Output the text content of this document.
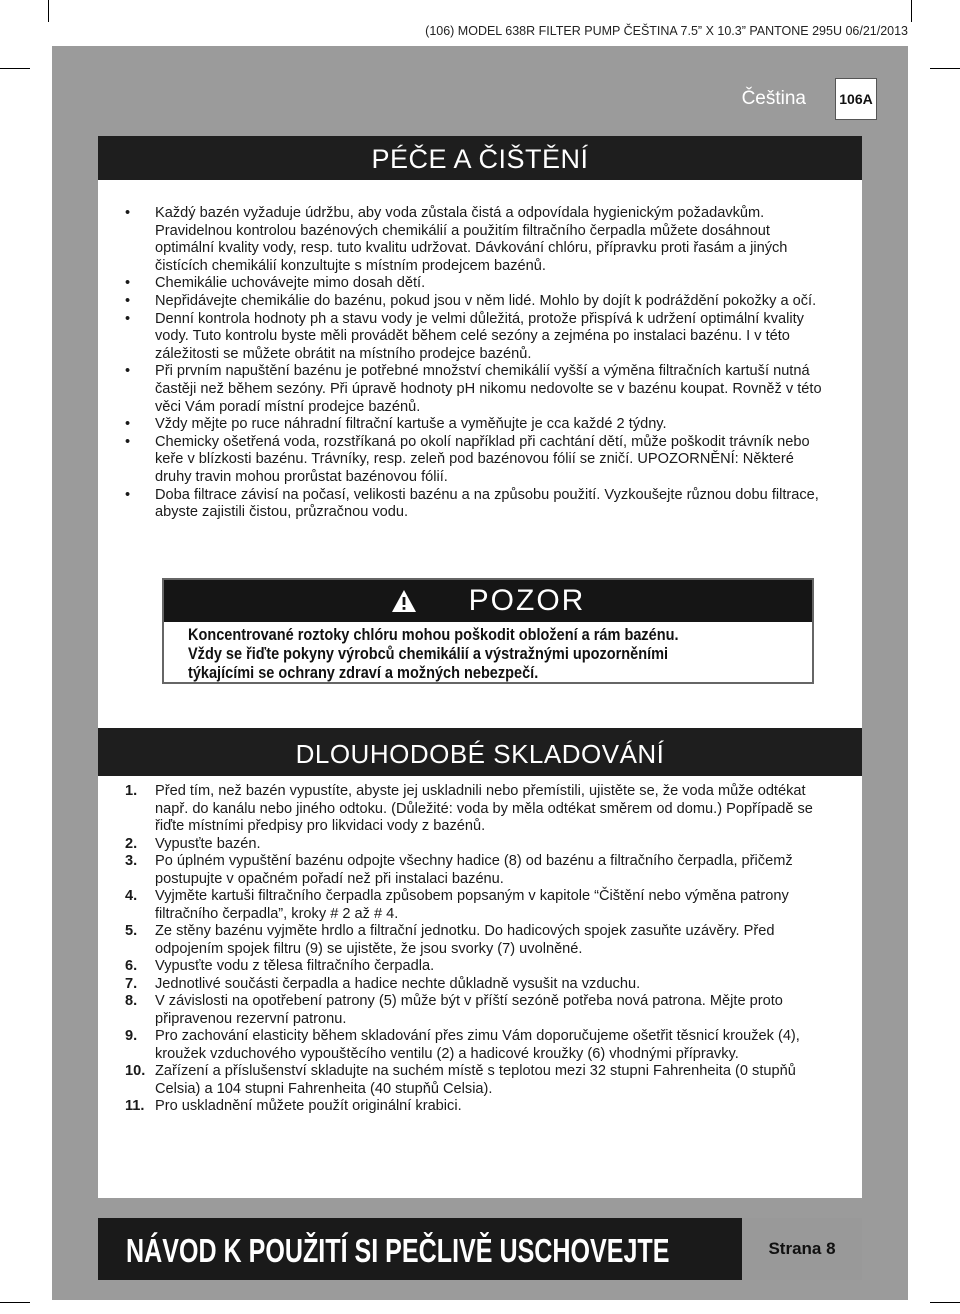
(106) MODEL 638R FILTER PUMP ČEŠTINA 7.5” X 10.3” PANTONE 295U 06/21/2013
Čeština	106A
PÉČE A ČIŠTĚNÍ
• Každý bazén vyžaduje údržbu, aby voda zůstala čistá a odpovídala hygienickým požadavkům. Pravidelnou kontrolou bazénových chemikálií a použitím filtračního čerpadla můžete dosáhnout optimální kvality vody, resp. tuto kvalitu udržovat. Dávkování chlóru, přípravku proti řasám a jiných čistících chemikálií konzultujte s místním prodejcem bazénů.
• Chemikálie uchovávejte mimo dosah dětí.
• Nepřidávejte chemikálie do bazénu, pokud jsou v něm lidé. Mohlo by dojít k podráždění pokožky a očí.
• Denní kontrola hodnoty ph a stavu vody je velmi důležitá, protože přispívá k udržení optimální kvality vody. Tuto kontrolu byste měli provádět během celé sezóny a zejména po instalaci bazénu. I v této záležitosti se můžete obrátit na místního prodejce bazénů.
• Při prvním napuštění bazénu je potřebné množství chemikálií vyšší a výměna filtračních kartuší nutná častěji než během sezóny. Při úpravě hodnoty pH nikomu nedovolte se v bazénu koupat. Rovněž v této věci Vám poradí místní prodejce bazénů.
• Vždy mějte po ruce náhradní filtrační kartuše a vyměňujte je cca každé 2 týdny.
• Chemicky ošetřená voda, rozstříkaná po okolí například při cachtání dětí, může poškodit trávník nebo keře v blízkosti bazénu. Trávníky, resp. zeleň pod bazénovou fólií se zničí. UPOZORNĚNÍ: Některé druhy travin mohou prorůstat bazénovou fólií.
• Doba filtrace závisí na počasí, velikosti bazénu a na způsobu použití. Vyzkoušejte různou dobu filtrace, abyste zajistili čistou, průzračnou vodu.
POZOR
Koncentrované roztoky chlóru mohou poškodit obložení a rám bazénu.
Vždy se řiďte pokyny výrobců chemikálií a výstražnými upozorněními
týkajícími se ochrany zdraví a možných nebezpečí.
DLOUHODOBÉ SKLADOVÁNÍ
1.	Před tím, než bazén vypustíte, abyste jej uskladnili nebo přemístili, ujistěte se, že voda může odtékat např. do kanálu nebo jiného odtoku. (Důležité: voda by měla odtékat směrem od domu.) Popřípadě se řiďte místními předpisy pro likvidaci vody z bazénů.
2.	Vypusťte bazén.
3.	Po úplném vypuštění bazénu odpojte všechny hadice (8) od bazénu a filtračního čerpadla, přičemž postupujte v opačném pořadí než při instalaci bazénu.
4.	Vyjměte kartuši filtračního čerpadla způsobem popsaným v kapitole “Čištění nebo výměna patrony filtračního čerpadla”, kroky # 2 až # 4.
5.	Ze stěny bazénu vyjměte hrdlo a filtrační jednotku. Do hadicových spojek zasuňte uzávěry. Před odpojením spojek filtru (9) se ujistěte, že jsou svorky (7) uvolněné.
6.	Vypusťte vodu z tělesa filtračního čerpadla.
7.	Jednotlivé součásti čerpadla a hadice nechte důkladně vysušit na vzduchu.
8.	V závislosti na opotřebení patrony (5) může být v příští sezóně potřeba nová patrona. Mějte proto připravenou rezervní patronu.
9.	Pro zachování elasticity během skladování přes zimu Vám doporučujeme ošetřit těsnicí kroužek (4), kroužek vzduchového vypouštěcího ventilu (2) a hadicové kroužky (6) vhodnými přípravky.
10. Zařízení a příslušenství skladujte na suchém místě s teplotou mezi 32 stupni Fahrenheita (0 stupňů Celsia) a 104 stupni Fahrenheita (40 stupňů Celsia).
11. Pro uskladnění můžete použít originální krabici.
NÁVOD K POUŽITÍ SI PEČLIVĚ USCHOVEJTE	Strana 8
